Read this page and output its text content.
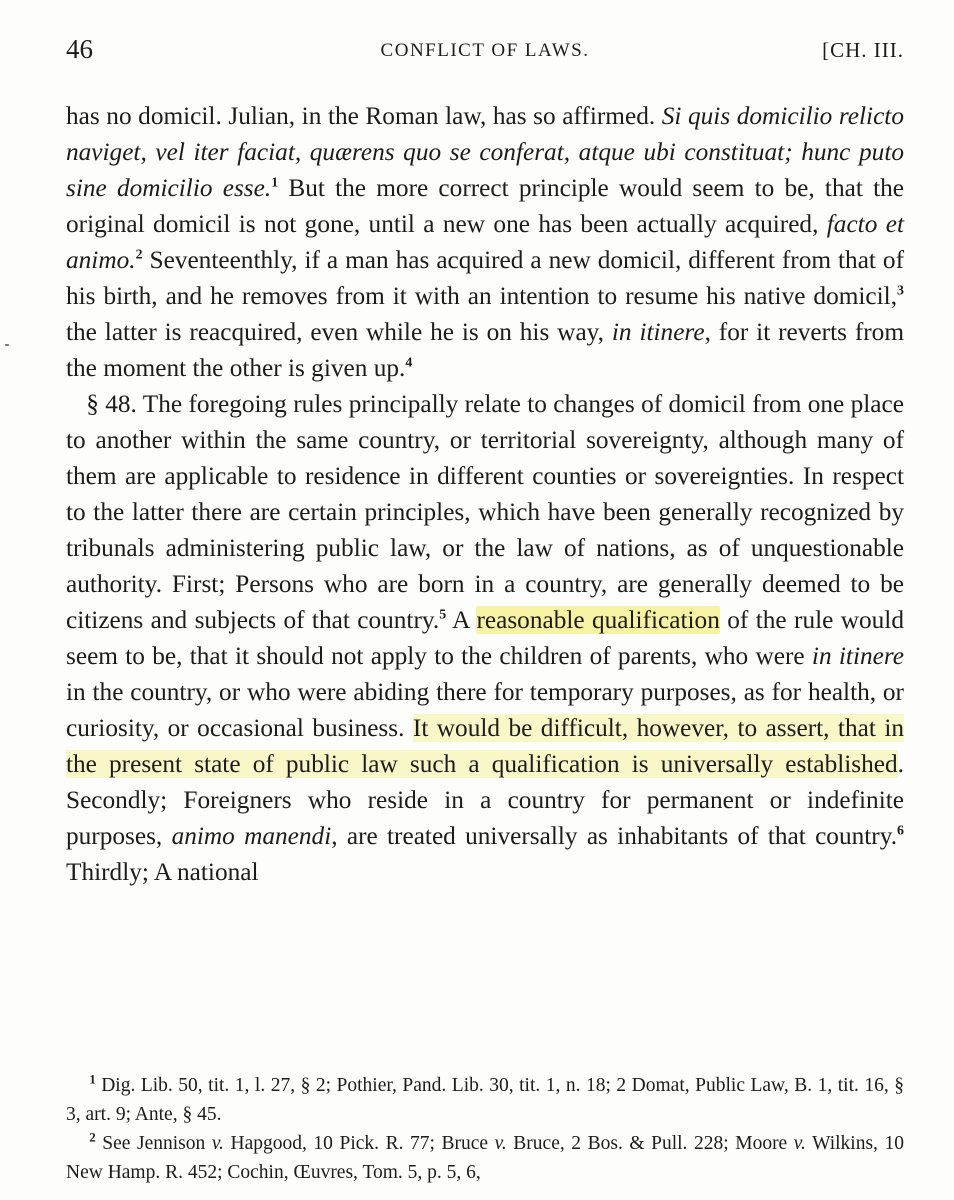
46	CONFLICT OF LAWS.	[CH. III.

has no domicil. Julian, in the Roman law, has so affirmed. Si quis domicilio relicto naviget, vel iter faciat, quærens quo se conferat, atque ubi constituat; hunc puto sine domicilio esse.$^1$ But the more correct principle would seem to be, that the original domicil is not gone, until a new one has been actually acquired, facto et animo.$^2$ Seventeenthly, if a man has acquired a new domicil, different from that of his birth, and he removes from it with an intention to resume his native domicil,$^3$ the latter is reacquired, even while he is on his way, in itinere, for it reverts from the moment the other is given up.$^4$

§ 48. The foregoing rules principally relate to changes of domicil from one place to another within the same country, or territorial sovereignty, although many of them are applicable to residence in different counties or sovereignties. In respect to the latter there are certain principles, which have been generally recognized by tribunals administering public law, or the law of nations, as of unquestionable authority. First; Persons who are born in a country, are generally deemed to be citizens and subjects of that country.$^5$ A reasonable qualification of the rule would seem to be, that it should not apply to the children of parents, who were in itinere in the country, or who were abiding there for temporary purposes, as for health, or curiosity, or occasional business. It would be difficult, however, to assert, that in the present state of public law such a qualification is universally established. Secondly; Foreigners who reside in a country for permanent or indefinite purposes, animo manendi, are treated universally as inhabitants of that country.$^6$ Thirdly; A national

$^1$ Dig. Lib. 50, tit. 1, l. 27, § 2; Pothier, Pand. Lib. 30, tit. 1, n. 18; 2 Domat, Public Law, B. 1, tit. 16, § 3, art. 9; Ante, § 45.

$^2$ See Jennison v. Hapgood, 10 Pick. R. 77; Bruce v. Bruce, 2 Bos. & Pull. 228; Moore v. Wilkins, 10 New Hamp. R. 452; Cochin, Œuvres, Tom. 5, p. 5, 6,
